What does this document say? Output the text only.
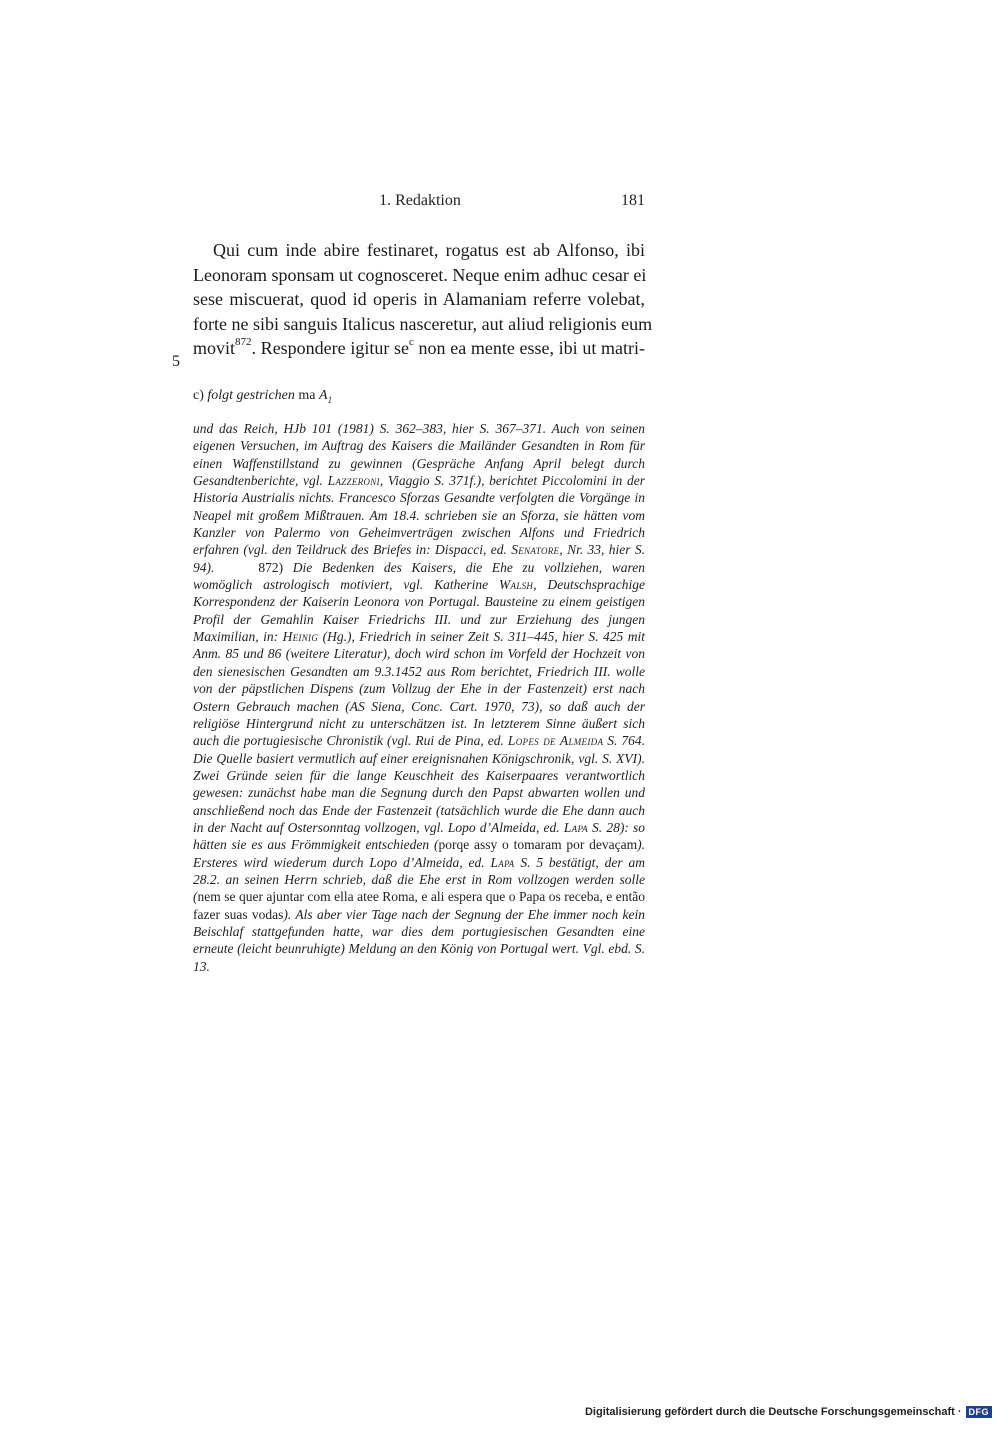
1. Redaktion	181
Qui cum inde abire festinaret, rogatus est ab Alfonso, ibi
Leonoram sponsam ut cognosceret. Neque enim adhuc cesar ei
sese miscuerat, quod id operis in Alamaniam referre volebat,
forte ne sibi sanguis Italicus nasceretur, aut aliud religionis eum
movit$^{872}$. Respondere igitur $se^c$ non ea mente esse, ibi ut matri-
5
c) folgt gestrichen ma $A_1$
und das Reich, HJb 101 (1981) S. 362–383, hier S. 367–371. Auch von seinen eigenen Versuchen, im Auftrag des Kaisers die Mailänder Gesandten in Rom für einen Waffenstillstand zu gewinnen (Gespräche Anfang April belegt durch Gesandtenberichte, vgl. Lazzeroni, Viaggio S. 371f.), berichtet Piccolomini in der Historia Austrialis nichts. Francesco Sforzas Gesandte verfolgten die Vorgänge in Neapel mit großem Mißtrauen. Am 18.4. schrieben sie an Sforza, sie hätten vom Kanzler von Palermo von Geheimverträgen zwischen Alfons und Friedrich erfahren (vgl. den Teildruck des Briefes in: Dispacci, ed. Senatore, Nr. 33, hier S. 94).	872) Die Bedenken des Kaisers, die Ehe zu vollziehen, waren womöglich astrologisch motiviert, vgl. Katherine Walsh, Deutschsprachige Korrespondenz der Kaiserin Leonora von Portugal. Bausteine zu einem geistigen Profil der Gemahlin Kaiser Friedrichs III. und zur Erziehung des jungen Maximilian, in: Heinig (Hg.), Friedrich in seiner Zeit S. 311–445, hier S. 425 mit Anm. 85 und 86 (weitere Literatur), doch wird schon im Vorfeld der Hochzeit von den sienesischen Gesandten am 9.3.1452 aus Rom berichtet, Friedrich III. wolle von der päpstlichen Dispens (zum Vollzug der Ehe in der Fastenzeit) erst nach Ostern Gebrauch machen (AS Siena, Conc. Cart. 1970, 73), so daß auch der religiöse Hintergrund nicht zu unterschätzen ist. In letzterem Sinne äußert sich auch die portugiesische Chronistik (vgl. Rui de Pina, ed. Lopes de Almeida S. 764. Die Quelle basiert vermutlich auf einer ereignisnahen Königschronik, vgl. S. XVI). Zwei Gründe seien für die lange Keuschheit des Kaiserpaares verantwortlich gewesen: zunächst habe man die Segnung durch den Papst abwarten wollen und anschließend noch das Ende der Fastenzeit (tatsächlich wurde die Ehe dann auch in der Nacht auf Ostersonntag vollzogen, vgl. Lopo d’Almeida, ed. Lapa S. 28): so hätten sie es aus Frömmigkeit entschieden (porqe assy o tomaram por devaçam). Ersteres wird wiederum durch Lopo d’Almeida, ed. Lapa S. 5 bestätigt, der am 28.2. an seinen Herrn schrieb, daß die Ehe erst in Rom vollzogen werden solle (nem se quer ajuntar com ella atee Roma, e ali espera que o Papa os receba, e então fazer suas vodas). Als aber vier Tage nach der Segnung der Ehe immer noch kein Beischlaf stattgefunden hatte, war dies dem portugiesischen Gesandten eine erneute (leicht beunruhigte) Meldung an den König von Portugal wert. Vgl. ebd. S. 13.
Digitalisierung gefördert durch die Deutsche Forschungsgemeinschaft · DFG
